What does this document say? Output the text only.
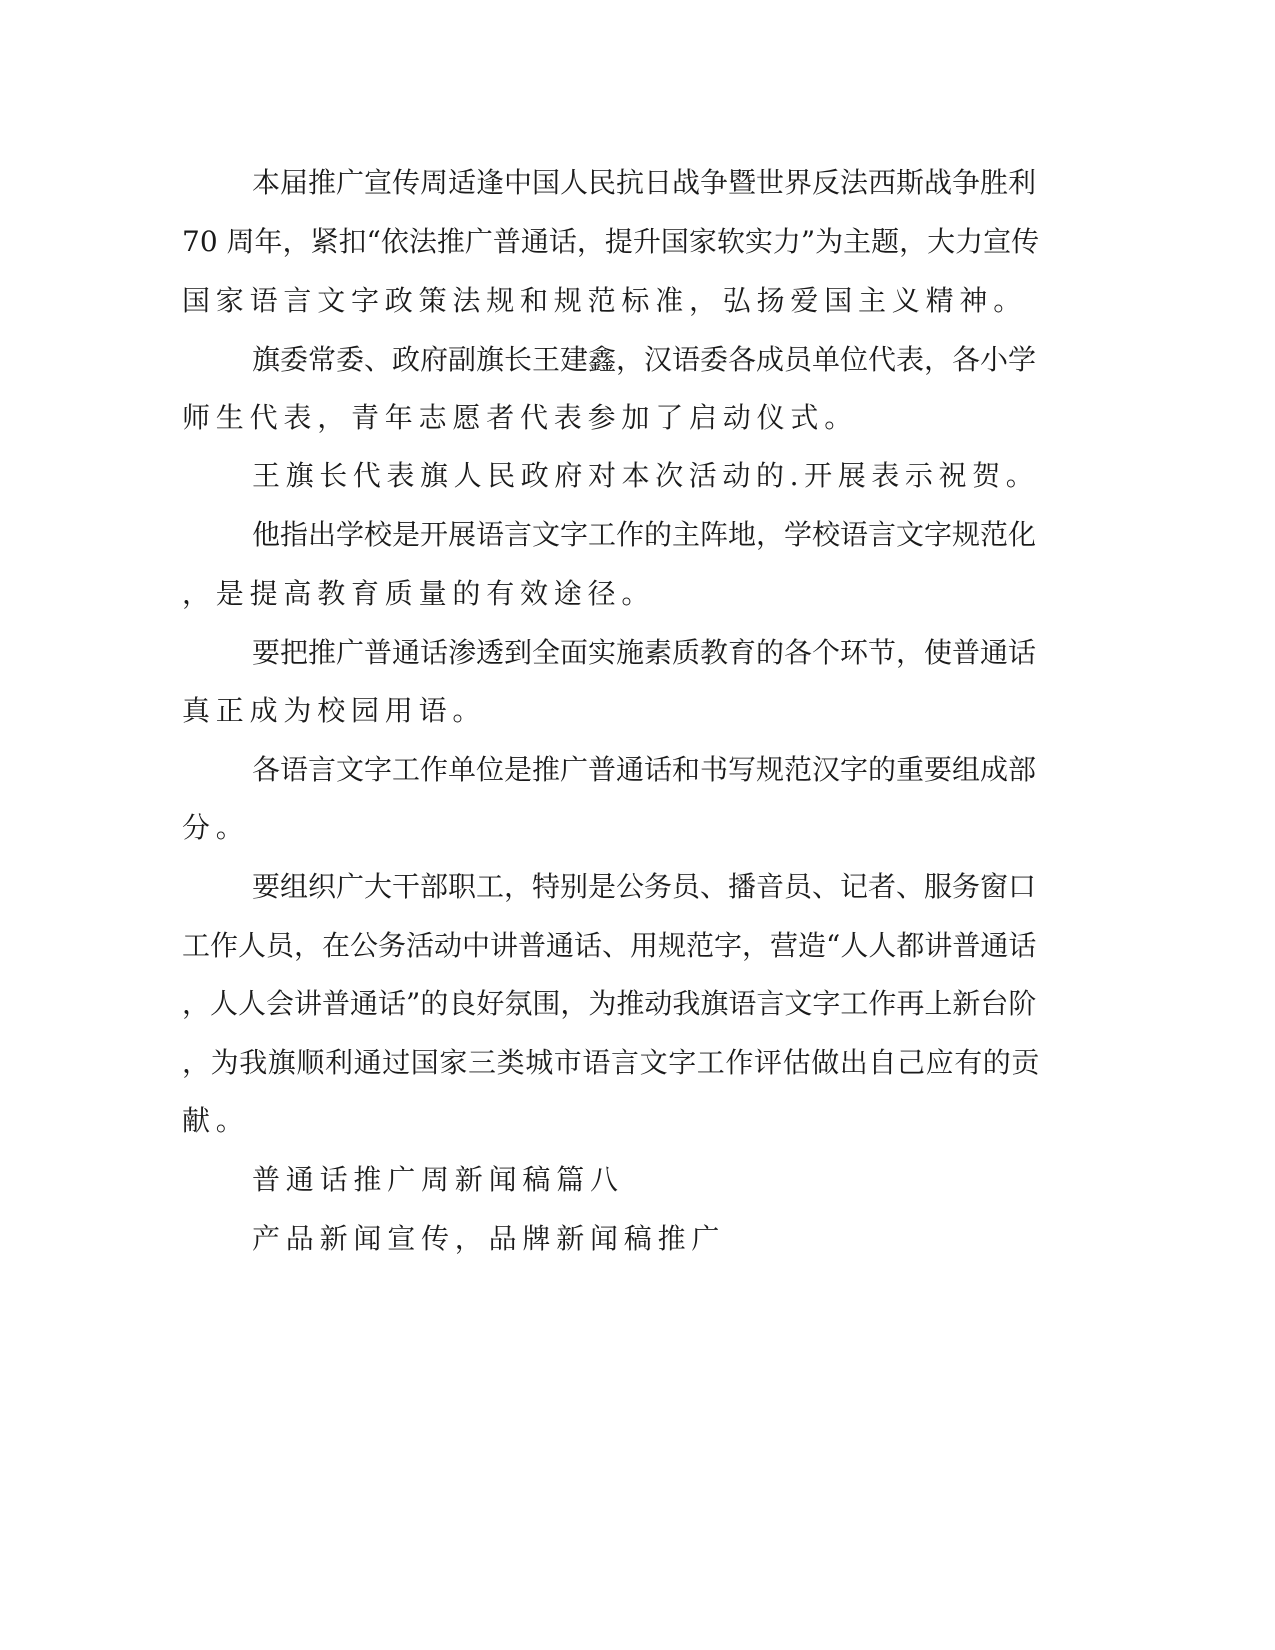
本届推广宣传周适逢中国人民抗日战争暨世界反法西斯战争胜利

70 周年，紧扣“依法推广普通话，提升国家软实力”为主题，大力宣传

国家语言文字政策法规和规范标准，弘扬爱国主义精神。

旗委常委、政府副旗长王建鑫，汉语委各成员单位代表，各小学

师生代表，青年志愿者代表参加了启动仪式。

王旗长代表旗人民政府对本次活动的.开展表示祝贺。

他指出学校是开展语言文字工作的主阵地，学校语言文字规范化

，是提高教育质量的有效途径。

要把推广普通话渗透到全面实施素质教育的各个环节，使普通话

真正成为校园用语。

各语言文字工作单位是推广普通话和书写规范汉字的重要组成部

分。

要组织广大干部职工，特别是公务员、播音员、记者、服务窗口

工作人员，在公务活动中讲普通话、用规范字，营造“人人都讲普通话

，人人会讲普通话”的良好氛围，为推动我旗语言文字工作再上新台阶

，为我旗顺利通过国家三类城市语言文字工作评估做出自己应有的贡

献。

普通话推广周新闻稿篇八

产品新闻宣传，品牌新闻稿推广
